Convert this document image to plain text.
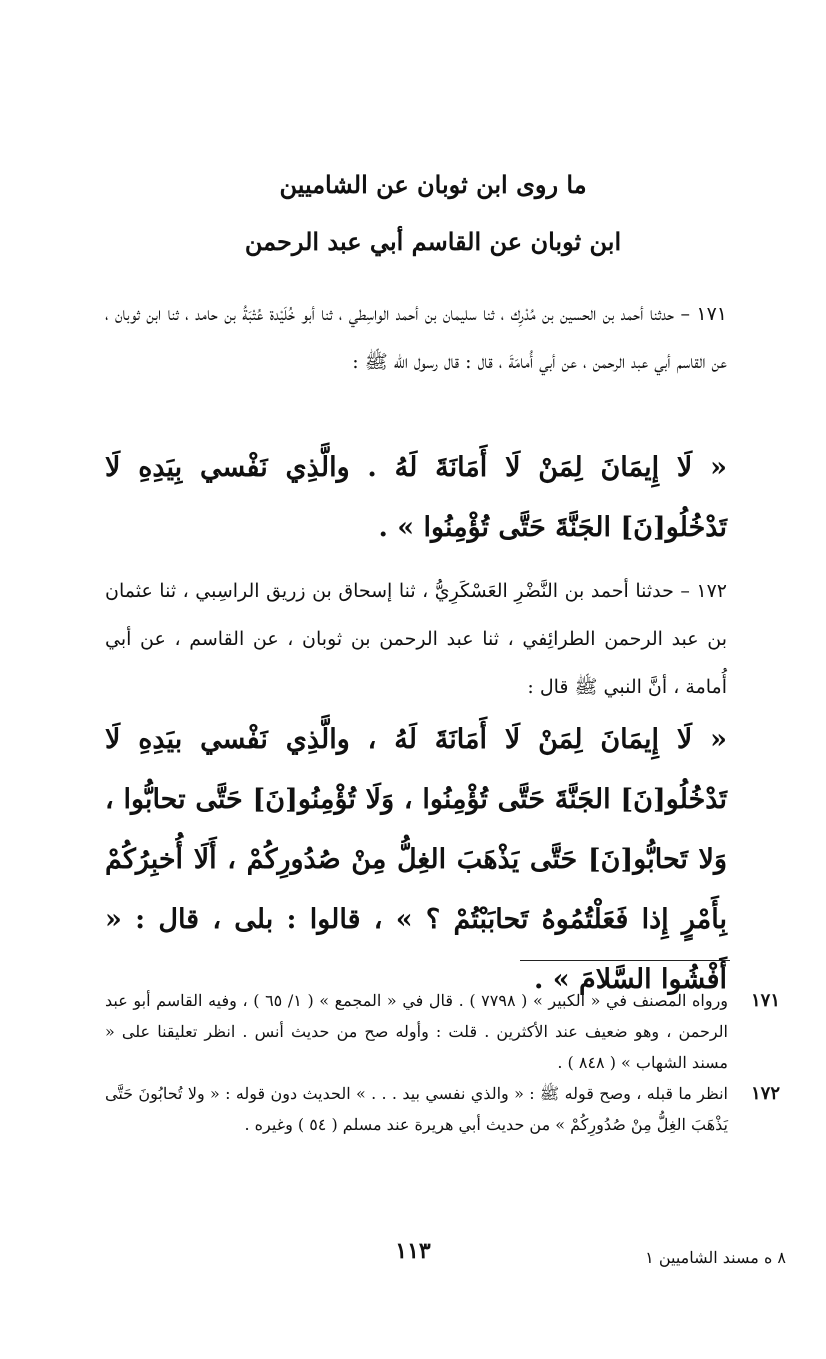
ما روى ابن ثوبان عن الشاميين
ابن ثوبان عن القاسم أبي عبد الرحمن
١٧١ – حدثنا أحمد بن الحسين بن مُدْرِك ، ثنا سليمان بن أحمد الواسِطي ، ثنا أبو خُلَيْدة عُتْبَةُ بن حامد ، ثنا ابن ثوبان ، عن القاسم أبي عبد الرحمن ، عن أبي أُمامَةَ ، قال : قال رسول الله ﷺ :
« لَا إِيمَانَ لِمَنْ لَا أَمَانَةَ لَهُ . والَّذِي نَفْسي بِيَدِهِ لَا تَدْخُلُو[نَ] الجَنَّةَ حَتَّى تُؤْمِنُوا » .
١٧٢ – حدثنا أحمد بن النَّضْرِ العَسْكَرِيُّ ، ثنا إسحاق بن زريق الراسِبي ، ثنا عثمان بن عبد الرحمن الطرائِفي ، ثنا عبد الرحمن بن ثوبان ، عن القاسم ، عن أبي أُمامة ، أنَّ النبي ﷺ قال :
« لَا إِيمَانَ لِمَنْ لَا أَمَانَةَ لَهُ ، والَّذِي نَفْسي بيَدِهِ لَا تَدْخُلُو[نَ] الجَنَّةَ حَتَّى تُؤْمِنُوا ، وَلَا تُؤْمِنُو[نَ] حَتَّى تحابُّوا ، وَلا تَحابُّو[نَ] حَتَّى يَذْهَبَ الغِلُّ مِنْ صُدُورِكُمْ ، أَلَا أُخبِرُكُمْ بِأَمْرٍ إِذا فَعَلْتُمُوهُ تَحابَبْتُمْ ؟ » ، قالوا : بلى ، قال : « أَفْشُوا السَّلامَ » .
١٧١
ورواه المصنف في « الكبير » ( ٧٧٩٨ ) . قال في « المجمع » ( ١/ ٦٥ ) ، وفيه القاسم أبو عبد الرحمن ، وهو ضعيف عند الأكثرين . قلت : وأوله صح من حديث أنس . انظر تعليقنا على « مسند الشهاب » ( ٨٤٨ ) .
١٧٢
انظر ما قبله ، وصح قوله ﷺ : « والذي نفسي بيد . . . » الحديث دون قوله : « ولا تُحابُونَ حَتَّى يَذْهَبَ الغِلُّ مِنْ صُدُورِكُمْ » من حديث أبي هريرة عند مسلم ( ٥٤ ) وغيره .
٨ ه مسند الشاميين ١
١١٣
